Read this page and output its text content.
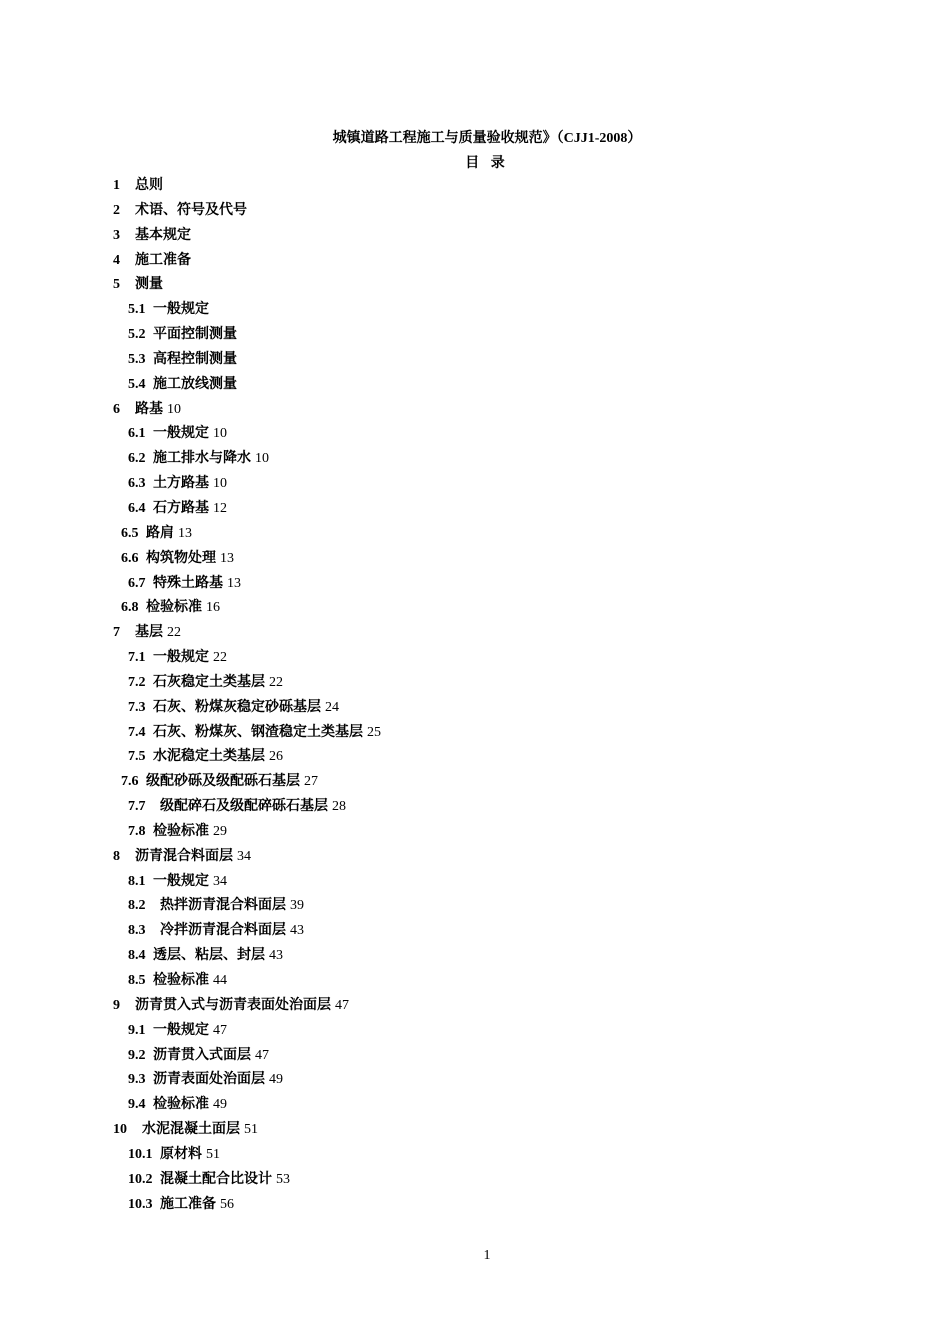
城镇道路工程施工与质量验收规范》（CJJ1-2008）
目 录
1 总则
2 术语、符号及代号
3 基本规定
4 施工准备
5 测量
5.1 一般规定
5.2 平面控制测量
5.3 高程控制测量
5.4 施工放线测量
6 路基 10
6.1 一般规定 10
6.2 施工排水与降水 10
6.3 土方路基 10
6.4 石方路基 12
6.5 路肩 13
6.6 构筑物处理 13
6.7 特殊土路基 13
6.8 检验标准 16
7 基层 22
7.1 一般规定 22
7.2 石灰稳定土类基层 22
7.3 石灰、粉煤灰稳定砂砾基层 24
7.4 石灰、粉煤灰、钢渣稳定土类基层 25
7.5 水泥稳定土类基层 26
7.6 级配砂砾及级配砾石基层 27
7.7 级配碎石及级配碎砾石基层 28
7.8 检验标准 29
8 沥青混合料面层 34
8.1 一般规定 34
8.2 热拌沥青混合料面层 39
8.3 冷拌沥青混合料面层 43
8.4 透层、粘层、封层 43
8.5 检验标准 44
9 沥青贯入式与沥青表面处治面层 47
9.1 一般规定 47
9.2 沥青贯入式面层 47
9.3 沥青表面处治面层 49
9.4 检验标准 49
10 水泥混凝土面层 51
10.1 原材料 51
10.2 混凝土配合比设计 53
10.3 施工准备 56
1
